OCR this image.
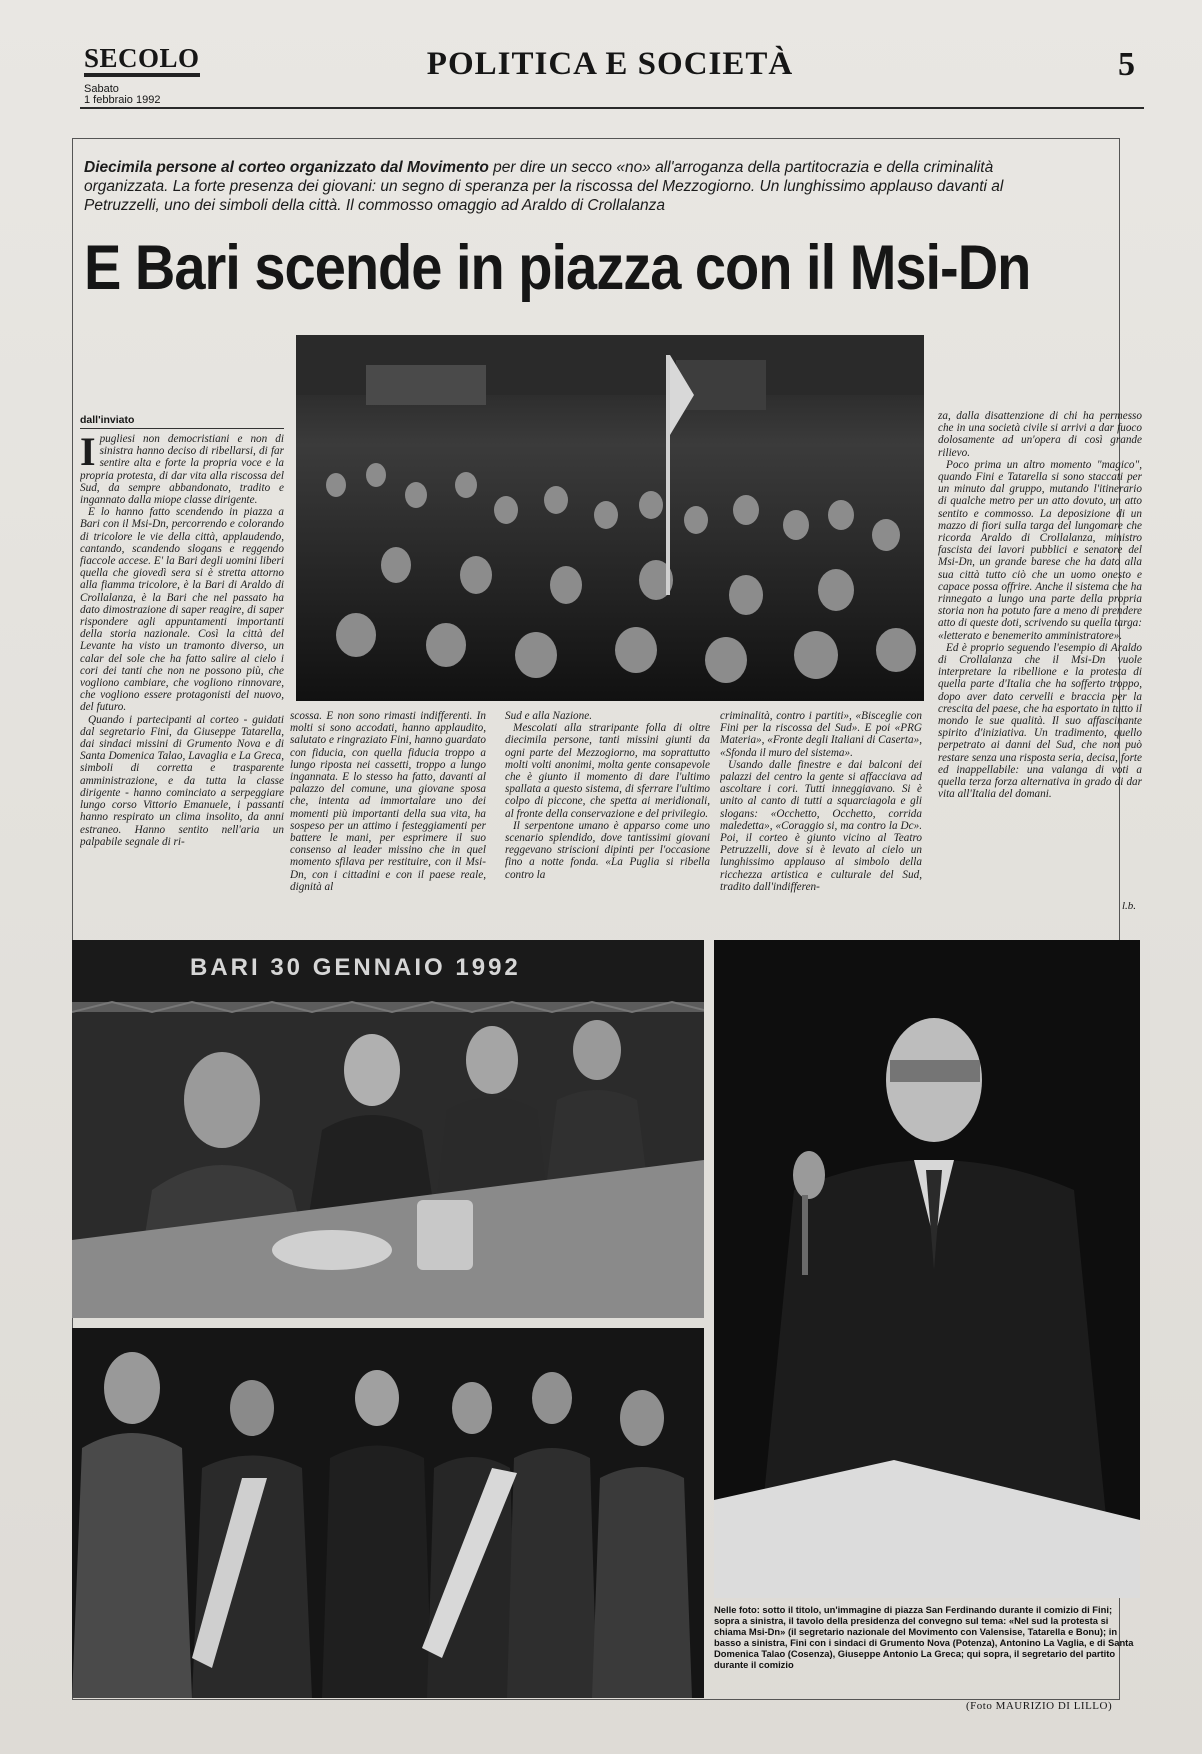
SECOLO
Sabato
1 febbraio 1992
POLITICA E SOCIETÀ	5
Diecimila persone al corteo organizzato dal Movimento per dire un secco «no» all'arroganza della partitocrazia e della criminalità organizzata. La forte presenza dei giovani: un segno di speranza per la riscossa del Mezzogiorno. Un lunghissimo applauso davanti al Petruzzelli, uno dei simboli della città. Il commosso omaggio ad Araldo di Crollalanza
E Bari scende in piazza con il Msi-Dn
dall'inviato

Ipugliesi non democristiani e non di sinistra hanno deciso di ribellarsi, di far sentire alta e forte la propria voce e la propria protesta, di dar vita alla riscossa del Sud, da sempre abbandonato, tradito e ingannato dalla miope classe dirigente.

E lo hanno fatto scendendo in piazza a Bari con il Msi-Dn, percorrendo e colorando di tricolore le vie della città, applaudendo, cantando, scandendo slogans e reggendo fiaccole accese. E' la Bari degli uomini liberi quella che giovedì sera si è stretta attorno alla fiamma tricolore, è la Bari di Araldo di Crollalanza, è la Bari che nel passato ha dato dimostrazione di saper reagire, di saper rispondere agli appuntamenti importanti della storia nazionale. Così la città del Levante ha visto un tramonto diverso, un calar del sole che ha fatto salire al cielo i cori dei tanti che non ne possono più, che vogliono cambiare, che vogliono rinnovare, che vogliono essere protagonisti del nuovo, del futuro.

Quando i partecipanti al corteo - guidati dal segretario Fini, da Giuseppe Tatarella, dai sindaci missini di Grumento Nova e di Santa Domenica Talao, Lavaglia e La Greca, simboli di corretta e trasparente amministrazione, e da tutta la classe dirigente - hanno cominciato a serpeggiare lungo corso Vittorio Emanuele, i passanti hanno respirato un clima insolito, da anni estraneo. Hanno sentito nell'aria un palpabile segnale di ri-

scossa. E non sono rimasti indifferenti. In molti si sono accodati, hanno applaudito, salutato e ringraziato Fini, hanno guardato con fiducia, con quella fiducia troppo a lungo riposta nei cassetti, troppo a lungo ingannata. E lo stesso ha fatto, davanti al palazzo del comune, una giovane sposa che, intenta ad immortalare uno dei momenti più importanti della sua vita, ha sospeso per un attimo i festeggiamenti per battere le mani, per esprimere il suo consenso al leader missino che in quel momento sfilava per restituire, con il Msi-Dn, con i cittadini e con il paese reale, dignità al

Sud e alla Nazione.

Mescolati alla straripante folla di oltre diecimila persone, tanti missini giunti da ogni parte del Mezzogiorno, ma soprattutto molti volti anonimi, molta gente consapevole che è giunto il momento di dare l'ultimo spallata a questo sistema, di sferrare l'ultimo colpo di piccone, che spetta ai meridionali, al fronte della conservazione e del privilegio.

Il serpentone umano è apparso come uno scenario splendido, dove tantissimi giovani reggevano striscioni dipinti per l'occasione fino a notte fonda. «La Puglia si ribella contro la

criminalità, contro i partiti», «Bisceglie con Fini per la riscossa del Sud». E poi «PRG Materia», «Fronte degli Italiani di Caserta», «Sfonda il muro del sistema».

Usando dalle finestre e dai balconi dei palazzi del centro la gente si affacciava ad ascoltare i cori. Tutti inneggiavano. Si è unito al canto di tutti a squarciagola e gli slogans: «Occhetto, Occhetto, corrida maledetta», «Coraggio si, ma contro la Dc». Poi, il corteo è giunto vicino al Teatro Petruzzelli, dove si è levato al cielo un lunghissimo applauso al simbolo della ricchezza artistica e culturale del Sud, tradito dall'indifferen-

za, dalla disattenzione di chi ha permesso che in una società civile si arrivi a dar fuoco dolosamente ad un'opera di così grande rilievo.

Poco prima un altro momento "magico", quando Fini e Tatarella si sono staccati per un minuto dal gruppo, mutando l'itinerario di qualche metro per un atto dovuto, un atto sentito e commosso. La deposizione di un mazzo di fiori sulla targa del lungomare che ricorda Araldo di Crollalanza, ministro fascista dei lavori pubblici e senatore del Msi-Dn, un grande barese che ha dato alla sua città tutto ciò che un uomo onesto e capace possa offrire. Anche il sistema che ha rinnegato a lungo una parte della propria storia non ha potuto fare a meno di prendere atto di queste doti, scrivendo su quella targa: «letterato e benemerito amministratore».

Ed è proprio seguendo l'esempio di Araldo di Crollalanza che il Msi-Dn vuole interpretare la ribellione e la protesta di quella parte d'Italia che ha sofferto troppo, dopo aver dato cervelli e braccia per la crescita del paese, che ha esportato in tutto il mondo le sue qualità. Il suo affascinante spirito d'iniziativa. Un tradimento, quello perpetrato ai danni del Sud, che non può restare senza una risposta seria, decisa, forte ed inappellabile: una valanga di voti a quella terza forza alternativa in grado di dar vita all'Italia del domani.

l.b.
BARI 30 GENNAIO 1992
Nelle foto: sotto il titolo, un'immagine di piazza San Ferdinando durante il comizio di Fini; sopra a sinistra, il tavolo della presidenza del convegno sul tema: «Nel sud la protesta si chiama Msi-Dn» (il segretario nazionale del Movimento con Valensise, Tatarella e Bonu); in basso a sinistra, Fini con i sindaci di Grumento Nova (Potenza), Antonino La Vaglia, e di Santa Domenica Talao (Cosenza), Giuseppe Antonio La Greca; qui sopra, il segretario del partito durante il comizio
(Foto MAURIZIO DI LILLO)
